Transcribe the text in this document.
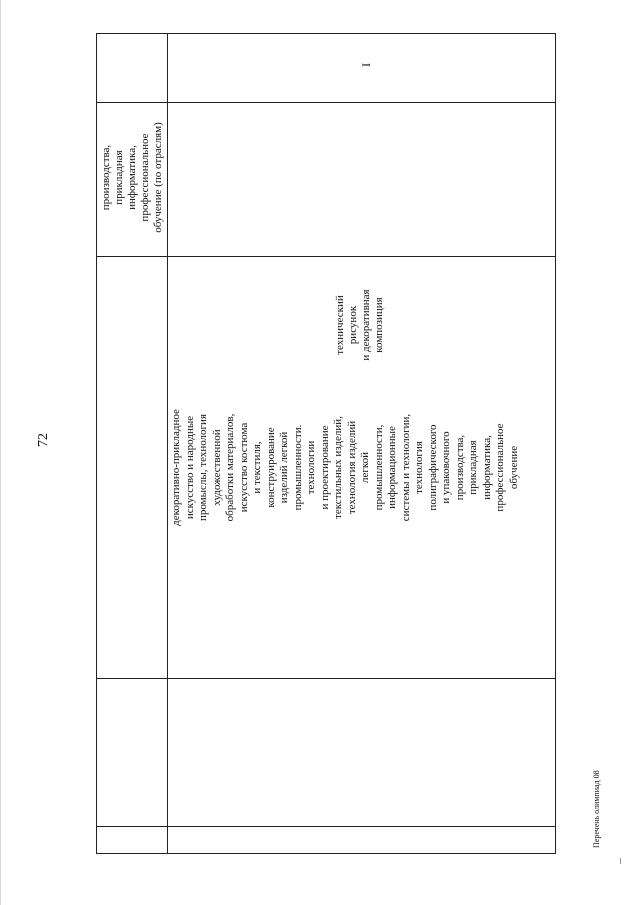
72
производства, прикладная информатика, профессиональное обучение (по отраслям)
I
декоративно-прикладное искусство и народные промыслы, технология художественной обработки материалов, искусство костюма и текстиля, конструирование изделий легкой промышленности. технологии и проектирование текстильных изделий, технология изделий легкой промышленности, информационные системы и технологии, технология полиграфического и упаковочного производства, прикладная информатика, профессиональное обучение
технический рисунок и декоративная композиция
Перечень олимпиад 08
